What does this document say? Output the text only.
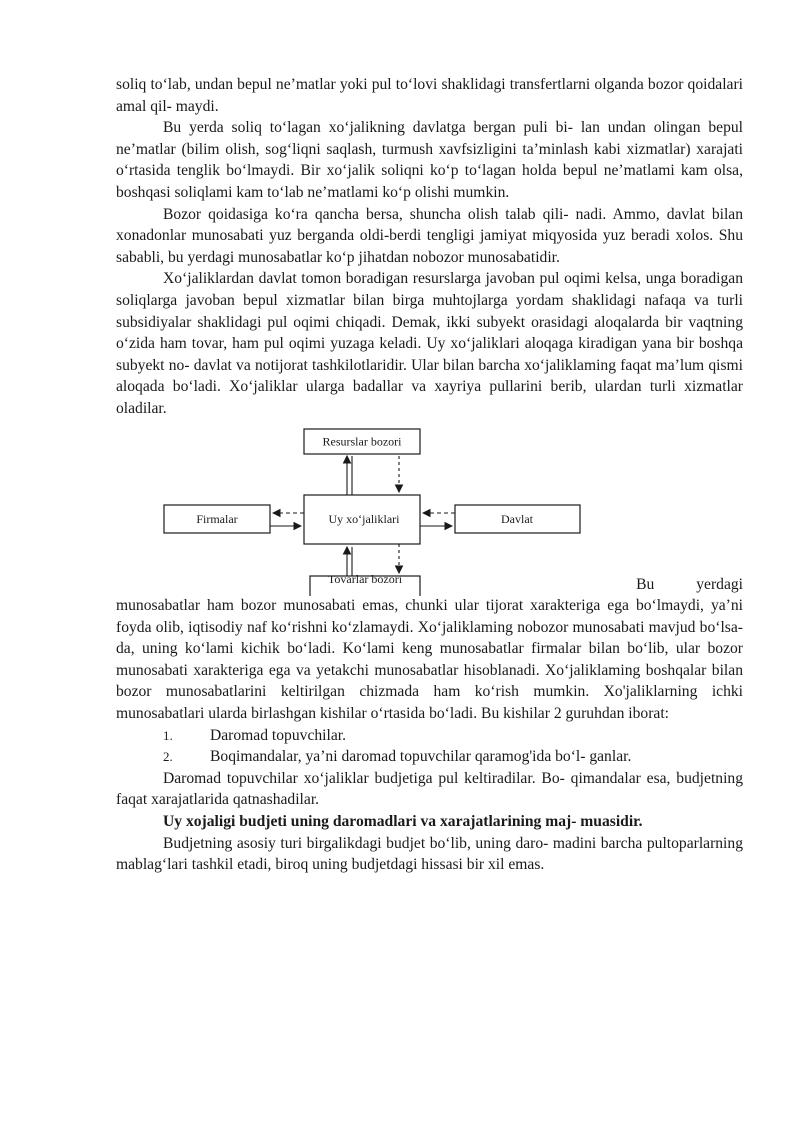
soliq to‘lab, undan bepul ne’matlar yoki pul to‘lovi shaklidagi transfertlarni olganda bozor qoidalari amal qil- maydi.

Bu yerda soliq to‘lagan xo‘jalikning davlatga bergan puli bi- lan undan olingan bepul ne’matlar (bilim olish, sog‘liqni saqlash, turmush xavfsizligini ta’minlash kabi xizmatlar) xarajati o‘rtasida tenglik bo‘lmaydi. Bir xo‘jalik soliqni ko‘p to‘lagan holda bepul ne’matlami kam olsa, boshqasi soliqlami kam to‘lab ne’matlami ko‘p olishi mumkin.

Bozor qoidasiga ko‘ra qancha bersa, shuncha olish talab qili- nadi. Ammo, davlat bilan xonadonlar munosabati yuz berganda oldi-berdi tengligi jamiyat miqyosida yuz beradi xolos. Shu sababli, bu yerdagi munosabatlar ko‘p jihatdan nobozor munosabatidir.

Xo‘jaliklardan davlat tomon boradigan resurslarga javoban pul oqimi kelsa, unga boradigan soliqlarga javoban bepul xizmatlar bilan birga muhtojlarga yordam shaklidagi nafaqa va turli subsidiyalar shaklidagi pul oqimi chiqadi. Demak, ikki subyekt orasidagi aloqalarda bir vaqtning o‘zida ham tovar, ham pul oqimi yuzaga keladi. Uy xo‘jaliklari aloqaga kiradigan yana bir boshqa subyekt no- davlat va notijorat tashkilotlaridir. Ular bilan barcha xo‘jaliklaming faqat ma’lum qismi aloqada bo‘ladi. Xo‘jaliklar ularga badallar va xayriya pullarini berib, ulardan turli xizmatlar oladilar.

Resurslar bozori
Uy xo‘jaliklari
Firmalar	Davlat
Tovarlar bozori	Bu yerdagi

munosabatlar ham bozor munosabati emas, chunki ular tijorat xarakteriga ega bo‘lmaydi, ya’ni foyda olib, iqtisodiy naf ko‘rishni ko‘zlamaydi. Xo‘jaliklaming nobozor munosabati mavjud bo‘lsa-da, uning ko‘lami kichik bo‘ladi. Ko‘lami keng munosabatlar firmalar bilan bo‘lib, ular bozor munosabati xarakteriga ega va yetakchi munosabatlar hisoblanadi. Xo‘jaliklaming boshqalar bilan bozor munosabatlarini keltirilgan chizmada ham ko‘rish mumkin. Xo'jaliklarning ichki munosabatlari ularda birlashgan kishilar o‘rtasida bo‘ladi. Bu kishilar 2 guruhdan iborat:

1. Daromad topuvchilar.

2. Boqimandalar, ya’ni daromad topuvchilar qaramog'ida bo‘l- ganlar.

Daromad topuvchilar xo‘jaliklar budjetiga pul keltiradilar. Bo- qimandalar esa, budjetning faqat xarajatlarida qatnashadilar.

Uy xojaligi budjeti uning daromadlari va xarajatlarining maj- muasidir.

Budjetning asosiy turi birgalikdagi budjet bo‘lib, uning daro- madini barcha pultoparlarning mablag‘lari tashkil etadi, biroq uning budjetdagi hissasi bir xil emas.
